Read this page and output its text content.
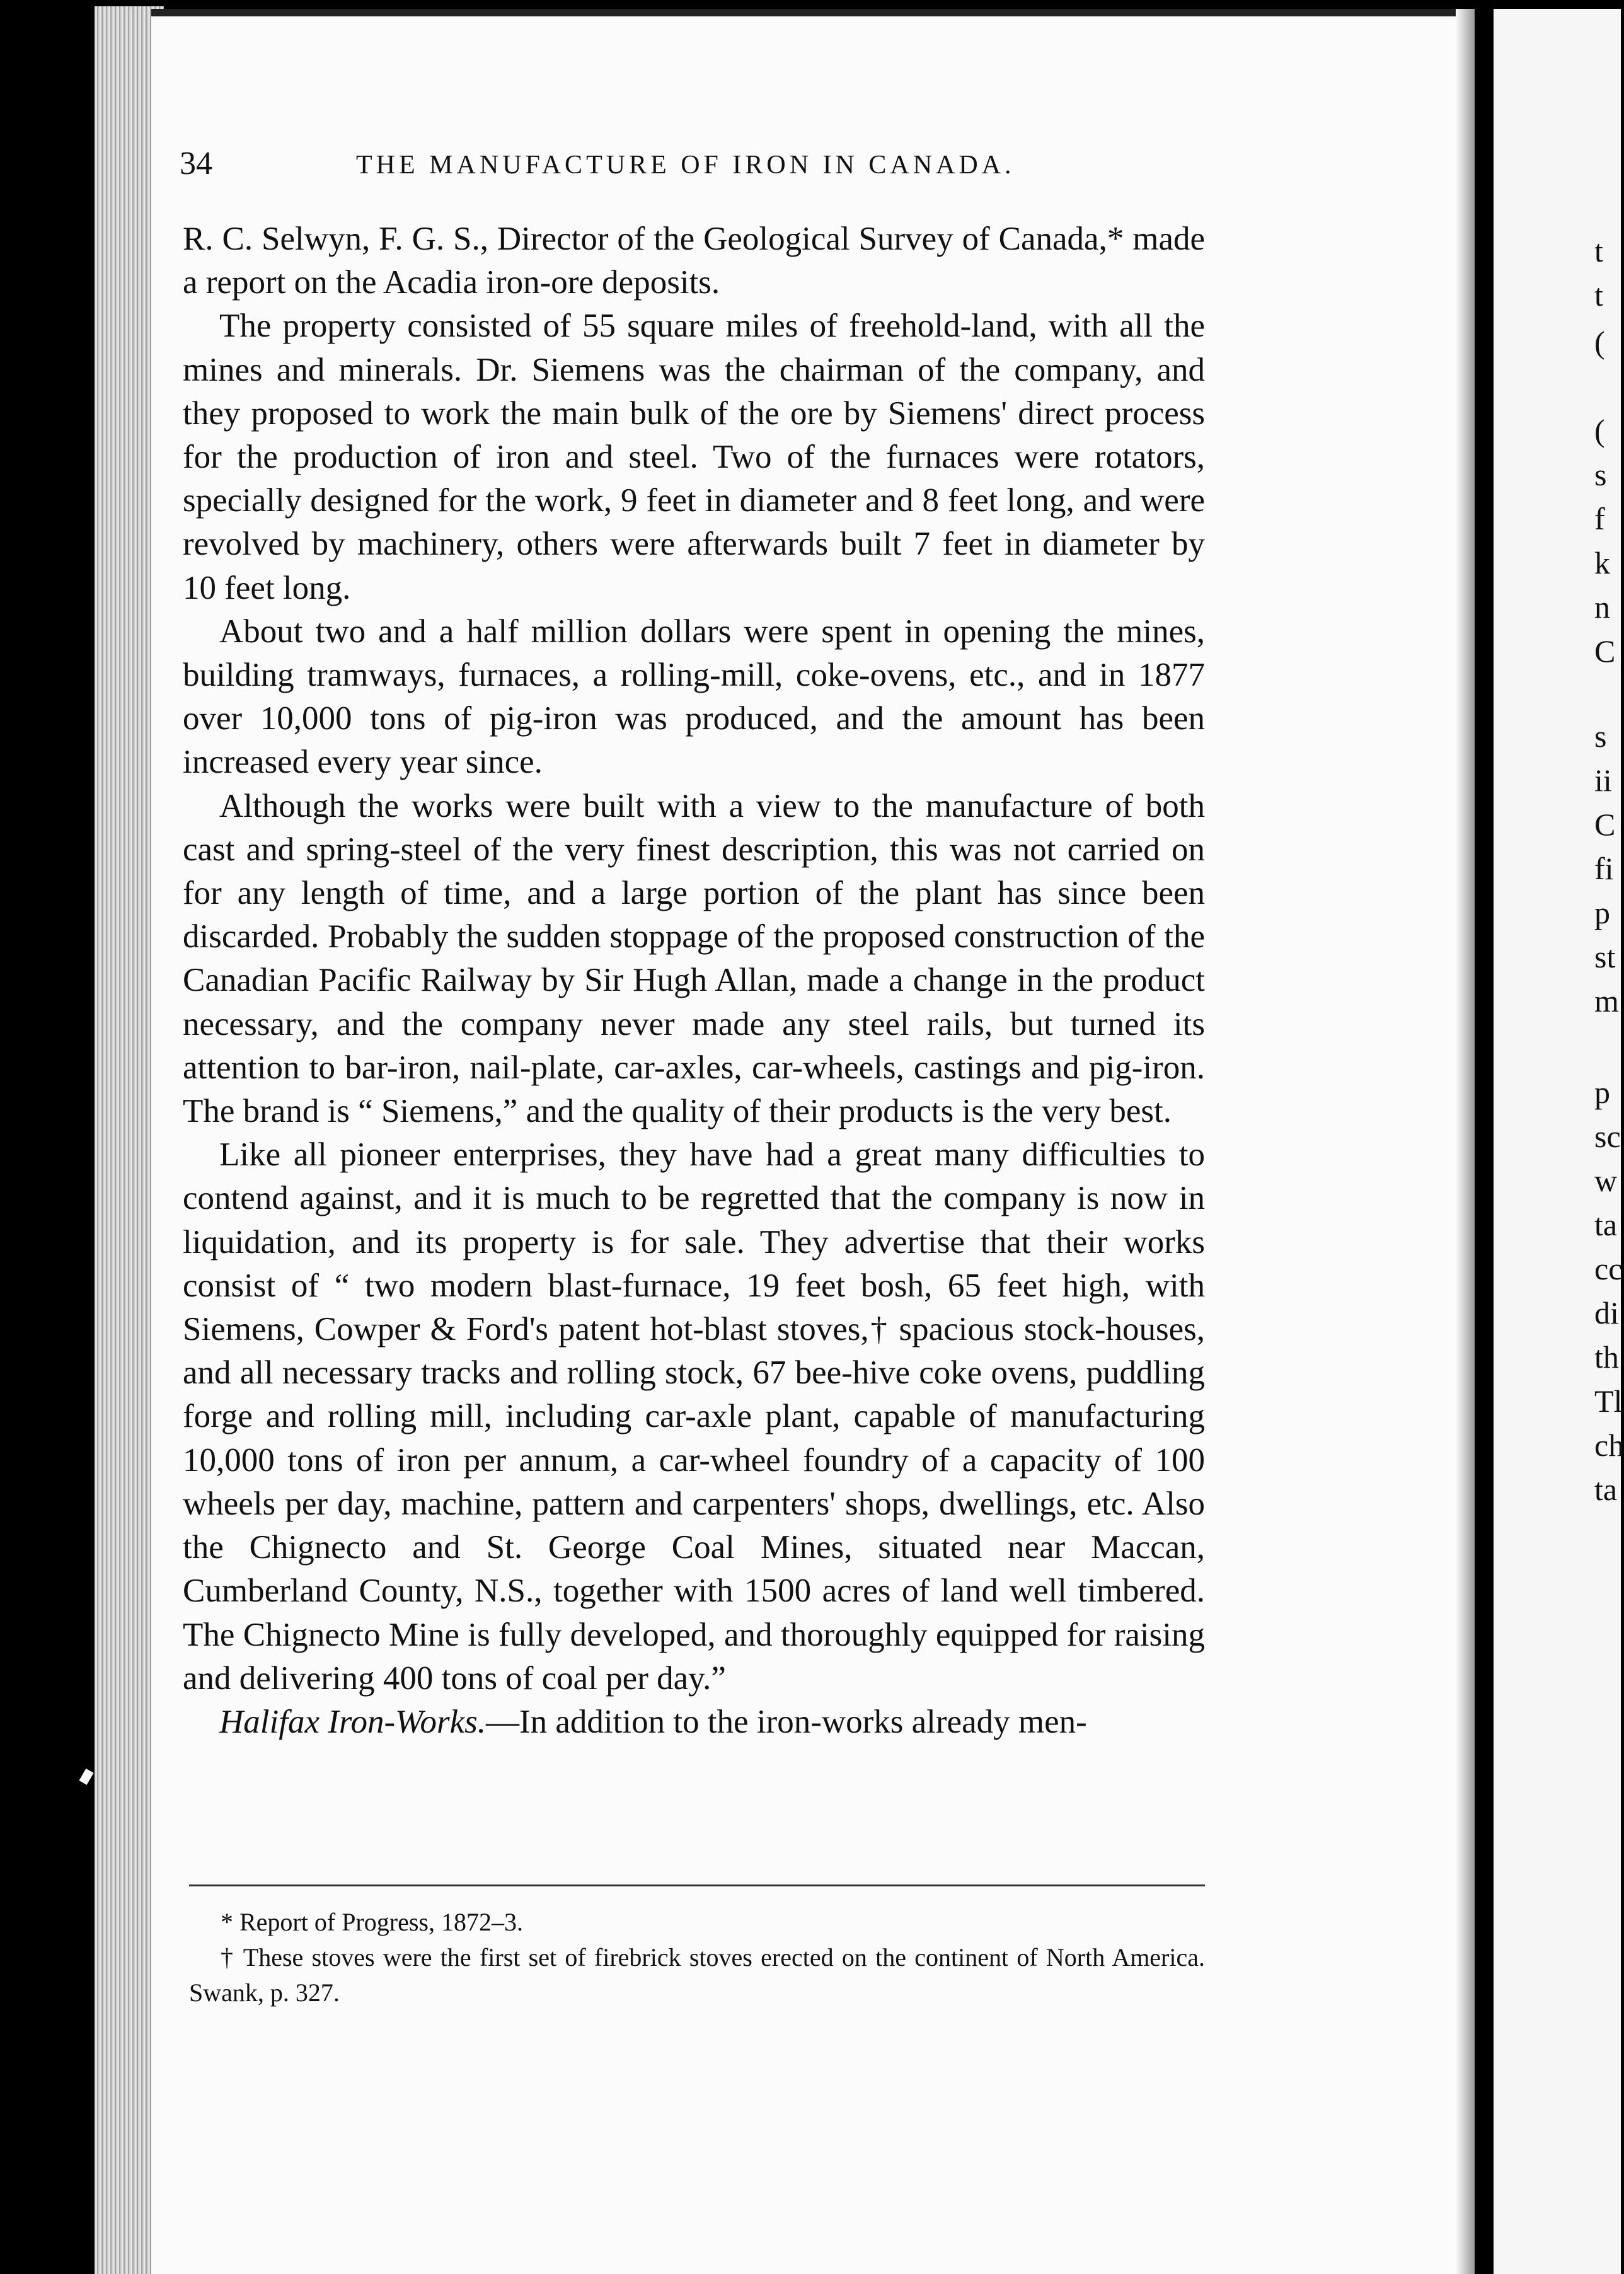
t
t
(
(
s
f
k
n
C
s
ii
C
fi
p
st
m
p
sc
w
ta
cc
di
th
Tl
ch
ta
34	THE MANUFACTURE OF IRON IN CANADA.

R. C. Selwyn, F. G. S., Director of the Geological Survey of Canada,* made a report on the Acadia iron-ore deposits.

The property consisted of 55 square miles of freehold-land, with all the mines and minerals. Dr. Siemens was the chairman of the company, and they proposed to work the main bulk of the ore by Siemens' direct process for the production of iron and steel. Two of the furnaces were rotators, specially designed for the work, 9 feet in diameter and 8 feet long, and were revolved by machinery, others were afterwards built 7 feet in diameter by 10 feet long.

About two and a half million dollars were spent in opening the mines, building tramways, furnaces, a rolling-mill, coke-ovens, etc., and in 1877 over 10,000 tons of pig-iron was produced, and the amount has been increased every year since.

Although the works were built with a view to the manufacture of both cast and spring-steel of the very finest description, this was not carried on for any length of time, and a large portion of the plant has since been discarded. Probably the sudden stoppage of the proposed construction of the Canadian Pacific Railway by Sir Hugh Allan, made a change in the product necessary, and the company never made any steel rails, but turned its attention to bar-iron, nail-plate, car-axles, car-wheels, castings and pig-iron. The brand is “ Siemens,” and the quality of their products is the very best.

Like all pioneer enterprises, they have had a great many difficulties to contend against, and it is much to be regretted that the company is now in liquidation, and its property is for sale. They advertise that their works consist of “ two modern blast-furnace, 19 feet bosh, 65 feet high, with Siemens, Cowper & Ford's patent hot-blast stoves,† spacious stock-houses, and all necessary tracks and rolling stock, 67 bee-hive coke ovens, puddling forge and rolling mill, including car-axle plant, capable of manufacturing 10,000 tons of iron per annum, a car-wheel foundry of a capacity of 100 wheels per day, machine, pattern and carpenters' shops, dwellings, etc. Also the Chignecto and St. George Coal Mines, situated near Maccan, Cumberland County, N.S., together with 1500 acres of land well timbered. The Chignecto Mine is fully developed, and thoroughly equipped for raising and delivering 400 tons of coal per day.”

Halifax Iron-Works.—In addition to the iron-works already men-

* Report of Progress, 1872–3.

† These stoves were the first set of firebrick stoves erected on the continent of North America. Swank, p. 327.
